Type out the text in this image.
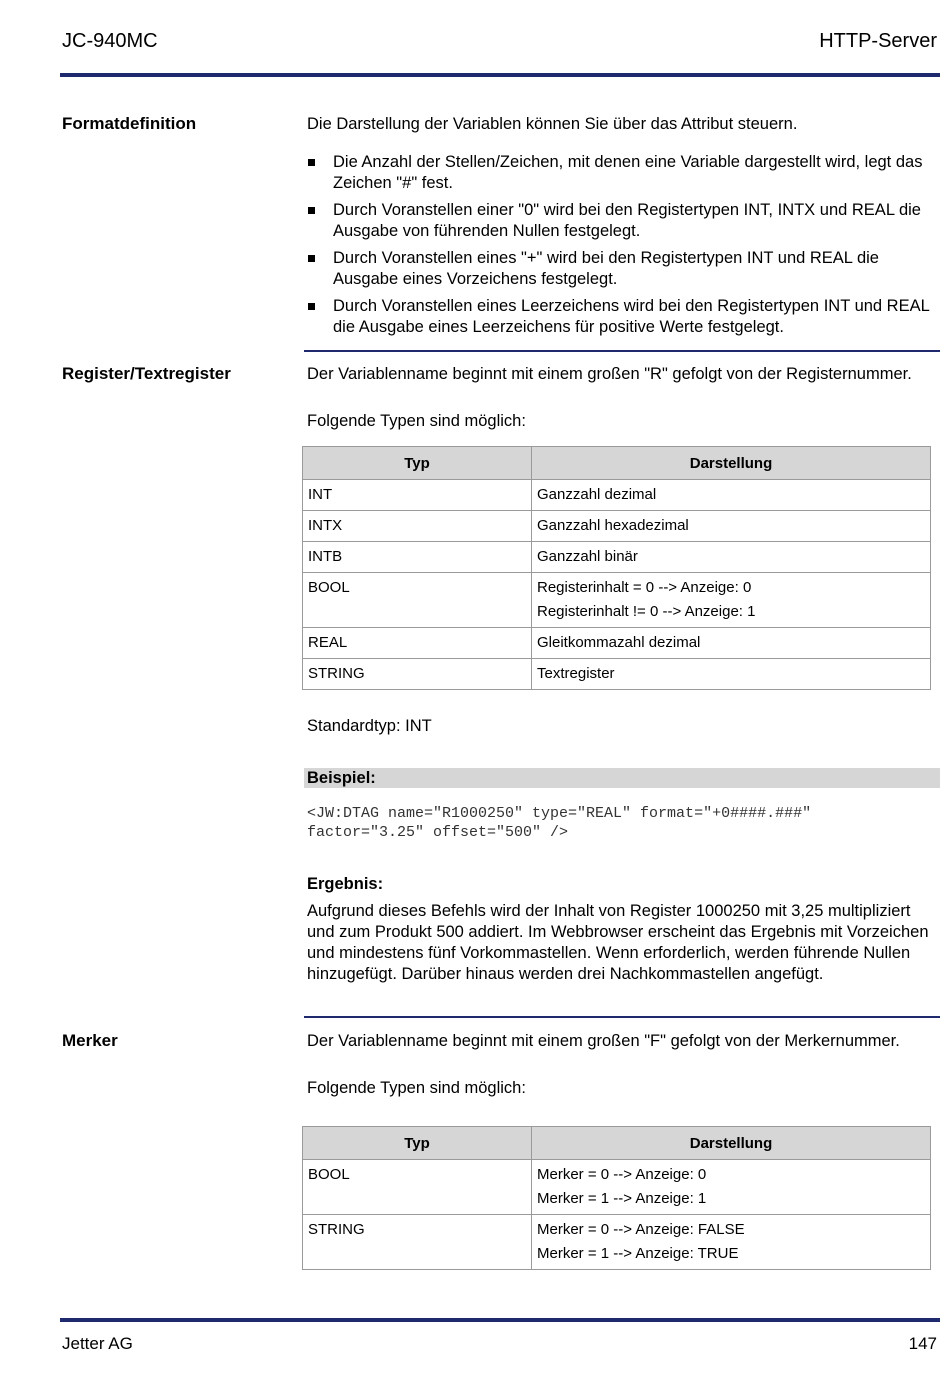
JC-940MC	HTTP-Server
Formatdefinition	Die Darstellung der Variablen können Sie über das Attribut steuern.
Die Anzahl der Stellen/Zeichen, mit denen eine Variable dargestellt wird, legt das Zeichen "#" fest.
Durch Voranstellen einer "0" wird bei den Registertypen INT, INTX und REAL die Ausgabe von führenden Nullen festgelegt.
Durch Voranstellen eines "+" wird bei den Registertypen INT und REAL die Ausgabe eines Vorzeichens festgelegt.
Durch Voranstellen eines Leerzeichens wird bei den Registertypen INT und REAL die Ausgabe eines Leerzeichens für positive Werte festgelegt.
Register/Textregister	Der Variablenname beginnt mit einem großen "R" gefolgt von der Registernummer.
Folgende Typen sind möglich:
Typ	Darstellung
INT	Ganzzahl dezimal
INTX	Ganzzahl hexadezimal
INTB	Ganzzahl binär
BOOL	Registerinhalt = 0 --> Anzeige: 0
Registerinhalt != 0 --> Anzeige: 1

REAL	Gleitkommazahl dezimal
STRING	Textregister
Standardtyp: INT
Beispiel:
<JW:DTAG name="R1000250" type="REAL" format="+0####.###"
factor="3.25" offset="500" />
Ergebnis:
Aufgrund dieses Befehls wird der Inhalt von Register 1000250 mit 3,25 multipliziert und zum Produkt 500 addiert. Im Webbrowser erscheint das Ergebnis mit Vorzeichen und mindestens fünf Vorkommastellen. Wenn erforderlich, werden führende Nullen hinzugefügt. Darüber hinaus werden drei Nachkommastellen angefügt.
Merker	Der Variablenname beginnt mit einem großen "F" gefolgt von der Merkernummer.
Folgende Typen sind möglich:
Typ	Darstellung
BOOL	Merker = 0 --> Anzeige: 0
Merker = 1 --> Anzeige: 1

STRING	Merker = 0 --> Anzeige: FALSE
Merker = 1 --> Anzeige: TRUE
Jetter AG	147
